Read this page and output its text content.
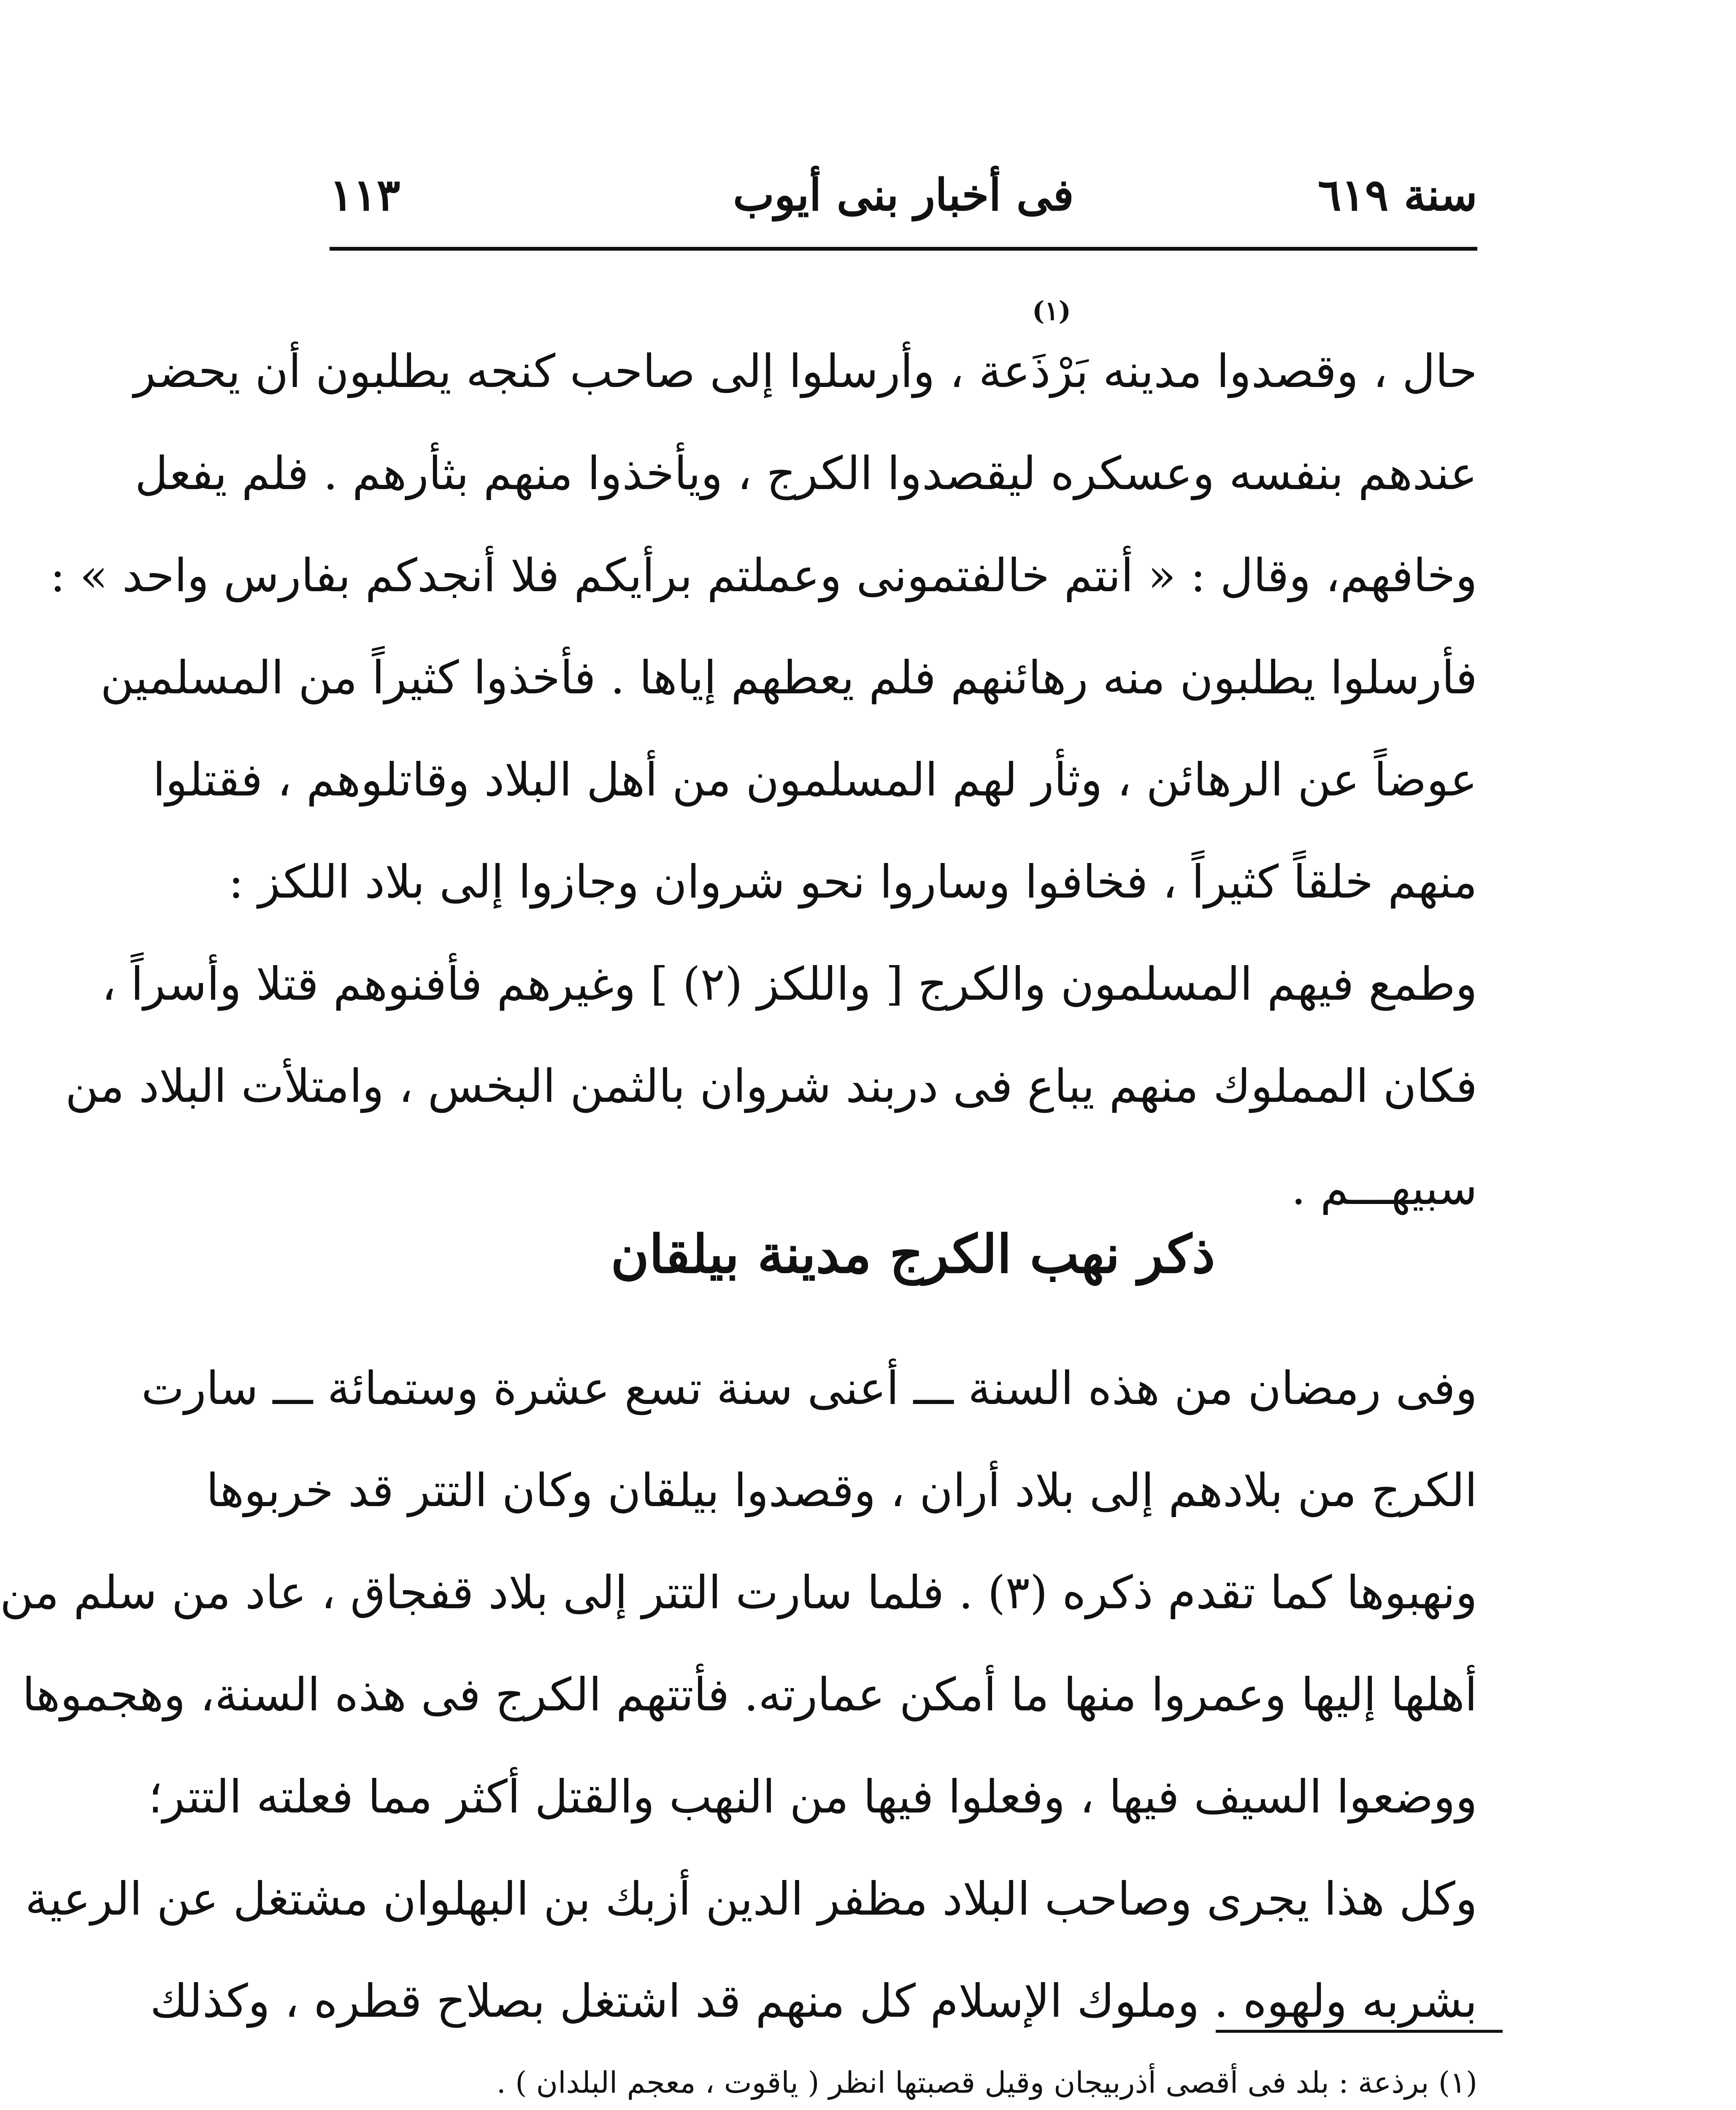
سنة ٦١٩
فى أخبار بنى أيوب
١١٣
(١)
حال ، وقصدوا مدينه بَرْذَعة ، وأرسلوا إلى صاحب كنجه يطلبون أن يحضر
عندهم بنفسه وعسكره ليقصدوا الكرج ، ويأخذوا منهم بثأرهم . فلم يفعل
وخافهم، وقال : « أنتم خالفتمونى وعملتم برأيكم فلا أنجدكم بفارس واحد » :
فأرسلوا يطلبون منه رهائنهم فلم يعطهم إياها . فأخذوا كثيراً من المسلمين
عوضاً عن الرهائن ، وثأر لهم المسلمون من أهل البلاد وقاتلوهم ، فقتلوا
منهم خلقاً كثيراً ، فخافوا وساروا نحو شروان وجازوا إلى بلاد اللكز :
وطمع فيهم المسلمون والكرج [ واللكز (٢) ] وغيرهم فأفنوهم قتلا وأسراً ،
فكان المملوك منهم يباع فى دربند شروان بالثمن البخس ، وامتلأت البلاد من
سبيهـــم .
ذكر نهب الكرج مدينة بيلقان
وفى رمضان من هذه السنة ـــ أعنى سنة تسع عشرة وستمائة ـــ سارت
الكرج من بلادهم إلى بلاد أران ، وقصدوا بيلقان وكان التتر قد خربوها
ونهبوها كما تقدم ذكره (٣) . فلما سارت التتر إلى بلاد قفجاق ، عاد من سلم من
أهلها إليها وعمروا منها ما أمكن عمارته. فأتتهم الكرج فى هذه السنة، وهجموها
ووضعوا السيف فيها ، وفعلوا فيها من النهب والقتل أكثر مما فعلته التتر؛
وكل هذا يجرى وصاحب البلاد مظفر الدين أزبك بن البهلوان مشتغل عن الرعية
بشربه ولهوه . وملوك الإسلام كل منهم قد اشتغل بصلاح قطره ، وكذلك
(١) برذعة : بلد فى أقصى أذربيجان وقيل قصبتها انظر ( ياقوت ، معجم البلدان ) .
